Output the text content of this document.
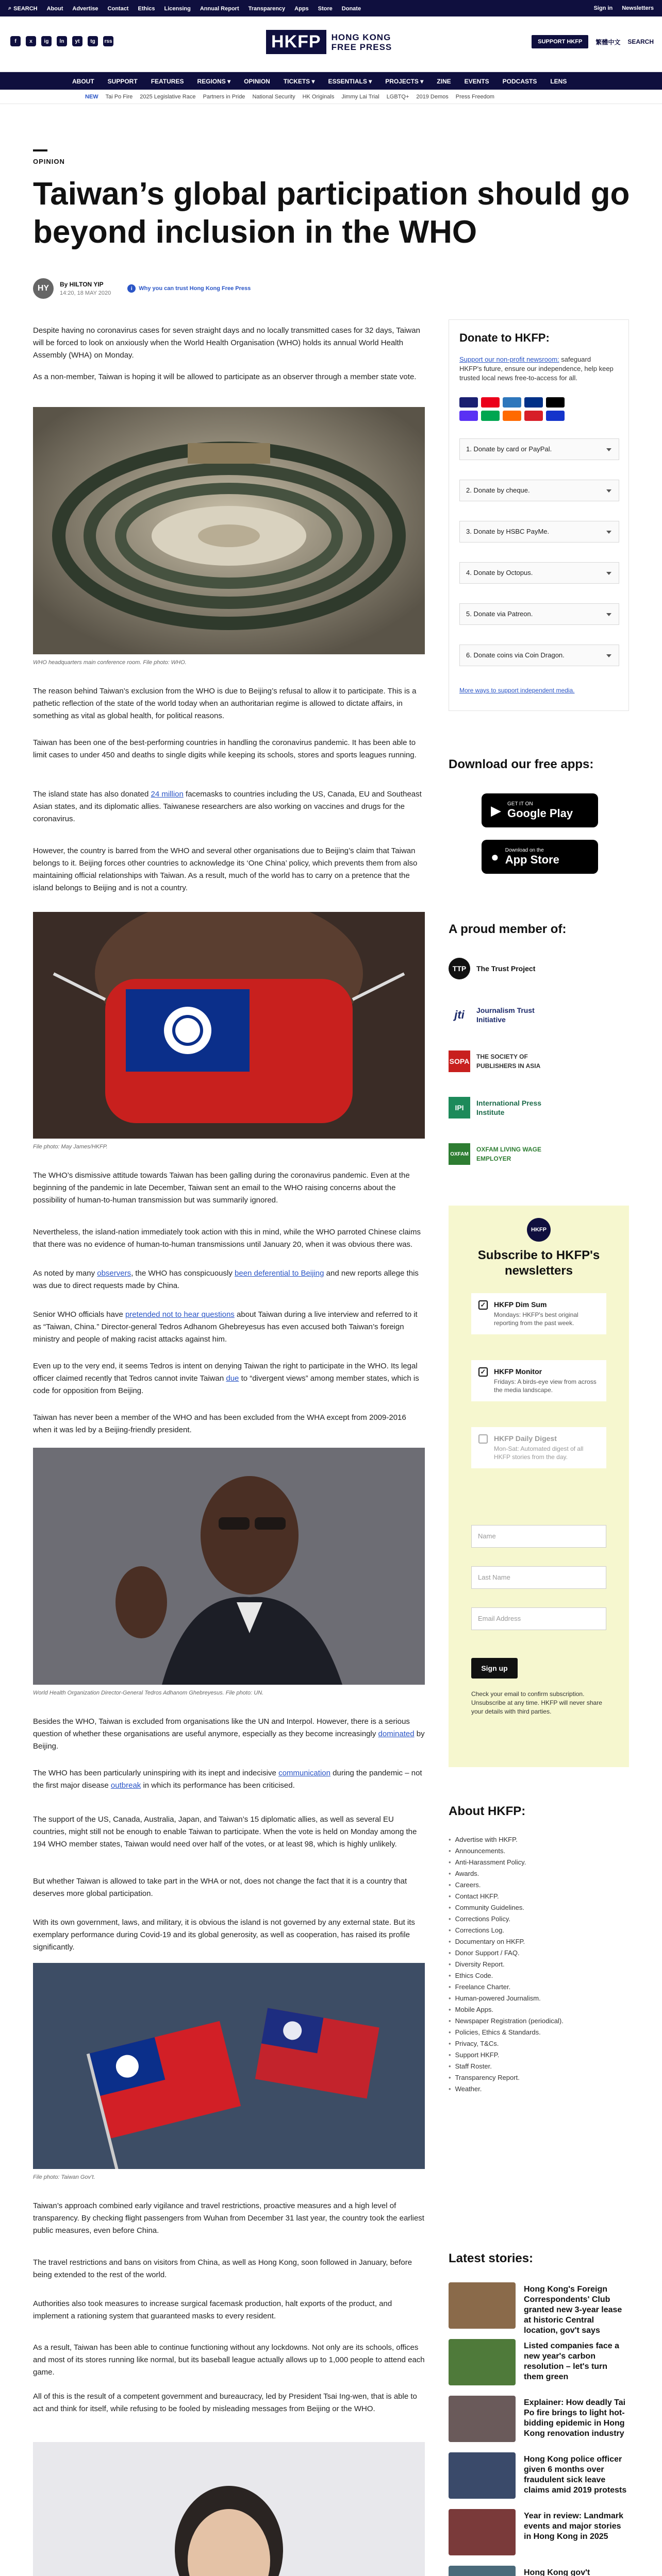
⌕ SEARCH About Advertise Contact Ethics Licensing Annual Report Transparency Apps Store Donate	Sign in Newsletters
f	x	ig	ln	yt	tg	rss	HKFP	HONG KONG
FREE PRESS
SUPPORT HKFP	繁體中文 SEARCH
ABOUT SUPPORT FEATURES REGIONS ▾ OPINION TICKETS ▾ ESSENTIALS ▾ PROJECTS ▾ ZINE EVENTS PODCASTS LENS
NEW Tai Po Fire 2025 Legislative Race Partners in Pride National Security HK Originals Jimmy Lai Trial LGBTQ+ 2019 Demos Press Freedom
OPINION
Taiwan’s global participation should go beyond inclusion in the WHO
HY	By HILTON YIP
14:20, 18 MAY 2020
i	Why you can trust Hong Kong Free Press

Despite having no coronavirus cases for seven straight days and no locally transmitted cases for 32 days, Taiwan will be forced to look on anxiously when the World Health Organisation (WHO) holds its annual World Health Assembly (WHA) on Monday.

As a non-member, Taiwan is hoping it will be allowed to participate as an observer through a member state vote.

WHO headquarters main conference room. File photo: WHO.

The reason behind Taiwan’s exclusion from the WHO is due to Beijing’s refusal to allow it to participate. This is a pathetic reflection of the state of the world today when an authoritarian regime is allowed to dictate affairs, in something as vital as global health, for political reasons.

Taiwan has been one of the best-performing countries in handling the coronavirus pandemic. It has been able to limit cases to under 450 and deaths to single digits while keeping its schools, stores and sports leagues running.

The island state has also donated 24 million facemasks to countries including the US, Canada, EU and Southeast Asian states, and its diplomatic allies. Taiwanese researchers are also working on vaccines and drugs for the coronavirus.

However, the country is barred from the WHO and several other organisations due to Beijing’s claim that Taiwan belongs to it. Beijing forces other countries to acknowledge its ‘One China’ policy, which prevents them from also maintaining official relationships with Taiwan. As a result, much of the world has to carry on a pretence that the island belongs to Beijing and is not a country.

File photo: May James/HKFP.

The WHO’s dismissive attitude towards Taiwan has been galling during the coronavirus pandemic. Even at the beginning of the pandemic in late December, Taiwan sent an email to the WHO raising concerns about the possibility of human-to-human transmission but was summarily ignored.

Nevertheless, the island-nation immediately took action with this in mind, while the WHO parroted Chinese claims that there was no evidence of human-to-human transmissions until January 20, when it was obvious there was.

As noted by many observers, the WHO has conspicuously been deferential to Beijing and new reports allege this was due to direct requests made by China.

Senior WHO officials have pretended not to hear questions about Taiwan during a live interview and referred to it as “Taiwan, China.” Director-general Tedros Adhanom Ghebreyesus has even accused both Taiwan’s foreign ministry and people of making racist attacks against him.

Even up to the very end, it seems Tedros is intent on denying Taiwan the right to participate in the WHO. Its legal officer claimed recently that Tedros cannot invite Taiwan due to “divergent views” among member states, which is code for opposition from Beijing.

Taiwan has never been a member of the WHO and has been excluded from the WHA except from 2009-2016 when it was led by a Beijing-friendly president.

World Health Organization Director-General Tedros Adhanom Ghebreyesus. File photo: UN.

Besides the WHO, Taiwan is excluded from organisations like the UN and Interpol. However, there is a serious question of whether these organisations are useful anymore, especially as they become increasingly dominated by Beijing.

The WHO has been particularly uninspiring with its inept and indecisive communication during the pandemic – not the first major disease outbreak in which its performance has been criticised.

The support of the US, Canada, Australia, Japan, and Taiwan’s 15 diplomatic allies, as well as several EU countries, might still not be enough to enable Taiwan to participate. When the vote is held on Monday among the 194 WHO member states, Taiwan would need over half of the votes, or at least 98, which is highly unlikely.

But whether Taiwan is allowed to take part in the WHA or not, does not change the fact that it is a country that deserves more global participation.

With its own government, laws, and military, it is obvious the island is not governed by any external state. But its exemplary performance during Covid-19 and its global generosity, as well as cooperation, has raised its profile significantly.

File photo: Taiwan Gov’t.

Taiwan’s approach combined early vigilance and travel restrictions, proactive measures and a high level of transparency. By checking flight passengers from Wuhan from December 31 last year, the country took the earliest public measures, even before China.

The travel restrictions and bans on visitors from China, as well as Hong Kong, soon followed in January, before being extended to the rest of the world.

Authorities also took measures to increase surgical facemask production, halt exports of the product, and implement a rationing system that guaranteed masks to every resident.

As a result, Taiwan has been able to continue functioning without any lockdowns. Not only are its schools, offices and most of its stores running like normal, but its baseball league actually allows up to 1,000 people to attend each game.

All of this is the result of a competent government and bureaucracy, led by President Tsai Ing-wen, that is able to act and think for itself, while refusing to be fooled by misleading messages from Beijing or the WHO.

Donate to HKFP:
Support our non-profit newsroom: safeguard HKFP's future, ensure our independence, help keep trusted local news free-to-access for all.
1. Donate by card or PayPal.
2. Donate by cheque.
3. Donate by HSBC PayMe.
4. Donate by Octopus.
5. Donate via Patreon.
6. Donate coins via Coin Dragon.
More ways to support independent media.
Download our free apps:
▶ GET IT ON
Google Play
● Download on the
App Store
A proud member of:
TTP	The Trust Project
jti	Journalism Trust Initiative
SOPA
THE SOCIETY OF PUBLISHERS IN ASIA
IPI
International Press Institute
OXFAM
OXFAM LIVING WAGE EMPLOYER
HKFP
Subscribe to HKFP's newsletters
✓ HKFP Dim Sum
Mondays: HKFP's best original reporting from the past week.
✓ HKFP Monitor
Fridays: A birds-eye view from across the media landscape.
HKFP Daily Digest
Mon-Sat: Automated digest of all HKFP stories from the day.
Name
Last Name
Email Address
Sign up
Check your email to confirm subscription. Unsubscribe at any time. HKFP will never share your details with third parties.
About HKFP:
• Advertise with HKFP.
• Announcements.
• Anti-Harassment Policy.
• Awards.
• Careers.
• Contact HKFP.
• Community Guidelines.
• Corrections Policy.
• Corrections Log.
• Documentary on HKFP.
• Donor Support / FAQ.
• Diversity Report.
• Ethics Code.
• Freelance Charter.
• Human-powered Journalism.
• Mobile Apps.
• Newspaper Registration (periodical).
• Policies, Ethics & Standards.
• Privacy, T&Cs.
• Support HKFP.
• Staff Roster.
• Transparency Report.
• Weather.
Latest stories:
Hong Kong's Foreign Correspondents' Club granted new 3-year lease at historic Central location, gov't says
Listed companies face a new year's carbon resolution – let's turn them green
Explainer: How deadly Tai Po fire brings to light hot-bidding epidemic in Hong Kong renovation industry
Hong Kong police officer given 6 months over fraudulent sick leave claims amid 2019 protests
Year in review: Landmark events and major stories in Hong Kong in 2025
Hong Kong gov't
